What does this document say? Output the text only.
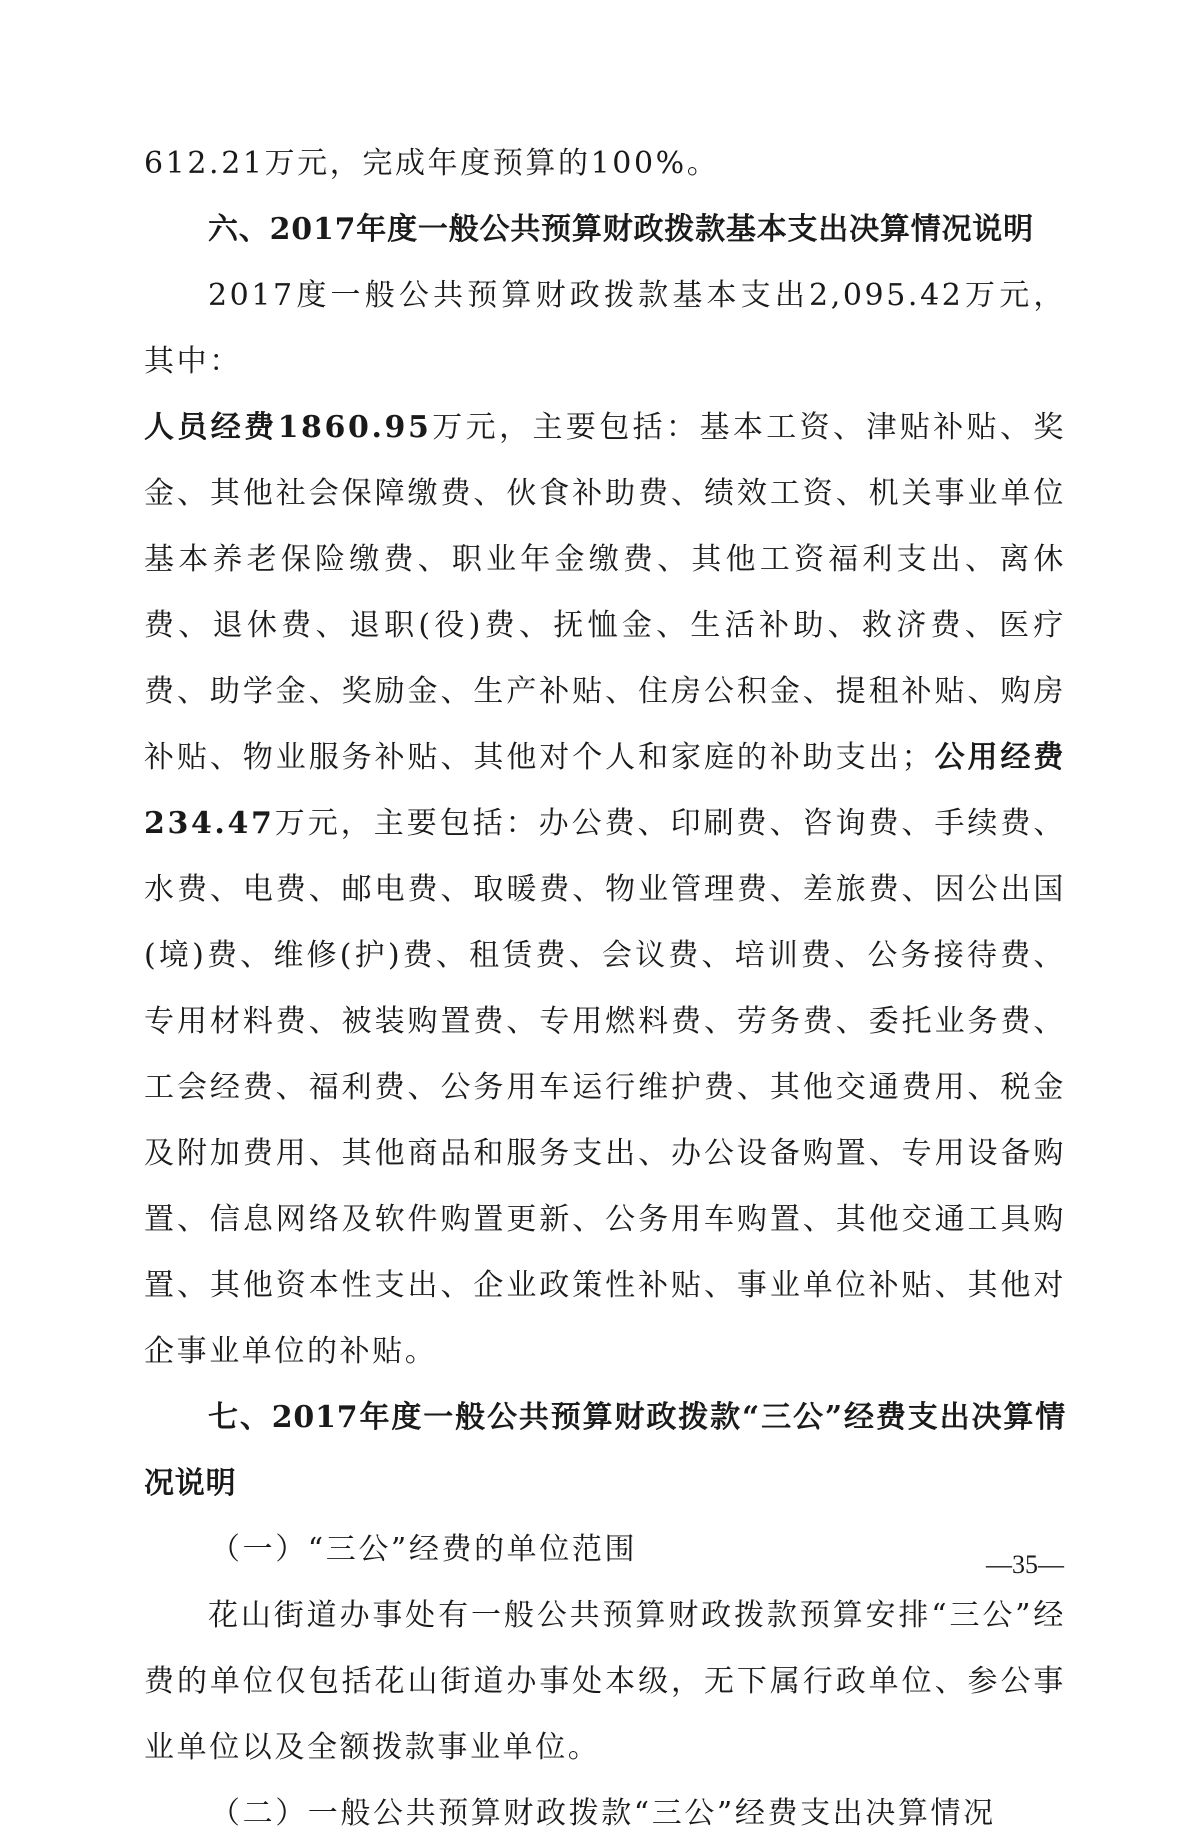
612.21万元，完成年度预算的100%。

六、2017年度一般公共预算财政拨款基本支出决算情况说明

2017度一般公共预算财政拨款基本支出2,095.42万元，其中：

人员经费1860.95万元，主要包括：基本工资、津贴补贴、奖金、其他社会保障缴费、伙食补助费、绩效工资、机关事业单位基本养老保险缴费、职业年金缴费、其他工资福利支出、离休费、退休费、退职(役)费、抚恤金、生活补助、救济费、医疗费、助学金、奖励金、生产补贴、住房公积金、提租补贴、购房补贴、物业服务补贴、其他对个人和家庭的补助支出；公用经费234.47万元，主要包括：办公费、印刷费、咨询费、手续费、水费、电费、邮电费、取暖费、物业管理费、差旅费、因公出国(境)费、维修(护)费、租赁费、会议费、培训费、公务接待费、专用材料费、被装购置费、专用燃料费、劳务费、委托业务费、工会经费、福利费、公务用车运行维护费、其他交通费用、税金及附加费用、其他商品和服务支出、办公设备购置、专用设备购置、信息网络及软件购置更新、公务用车购置、其他交通工具购置、其他资本性支出、企业政策性补贴、事业单位补贴、其他对企事业单位的补贴。

七、2017年度一般公共预算财政拨款“三公”经费支出决算情况说明

（一）“三公”经费的单位范围

花山街道办事处有一般公共预算财政拨款预算安排“三公”经费的单位仅包括花山街道办事处本级，无下属行政单位、参公事业单位以及全额拨款事业单位。

（二）一般公共预算财政拨款“三公”经费支出决算情况

—35—
